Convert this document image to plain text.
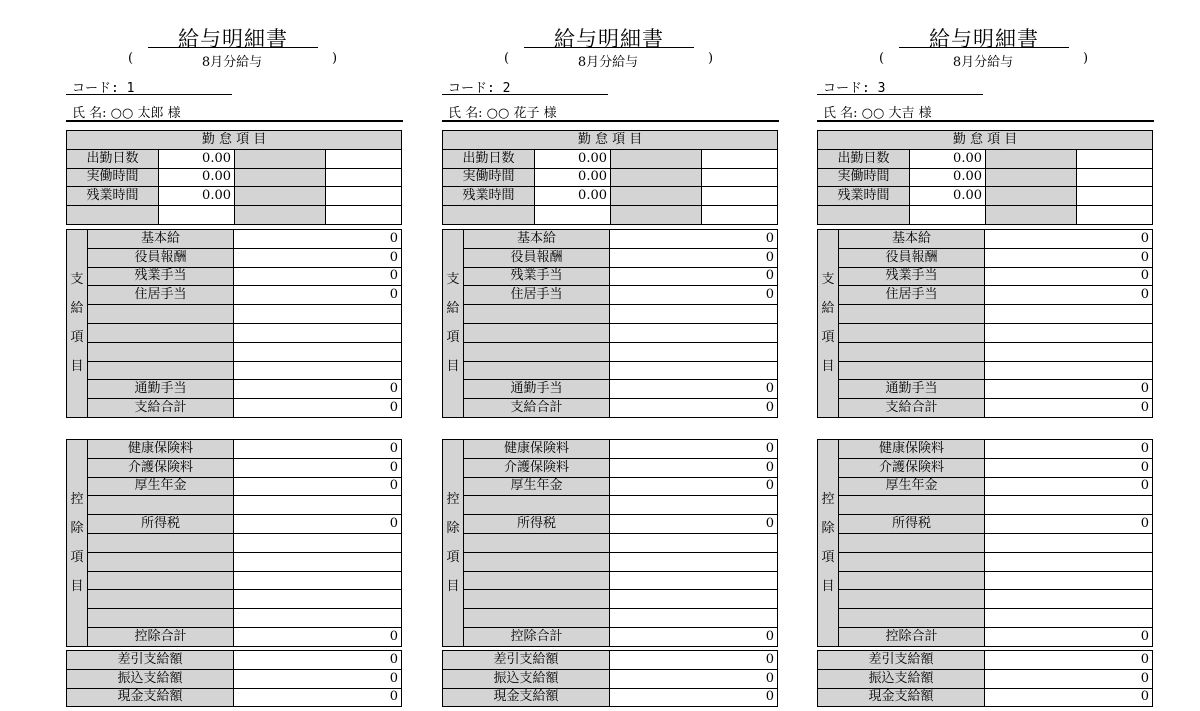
給与明細書
(	8月分給与	)
コード: 1
氏 名: ○○ 太郎 様
勤 怠 項 目			
出勤日数	0.00		
実働時間	0.00		
残業時間	0.00		

支
給
項
目	基本給	0
	役員報酬	0
	残業手当	0
	住居手当	0

	通勤手当	0
	支給合計	0
控
除
項
目	健康保険料	0
	介護保険料	0
	厚生年金	0

	所得税	0

	控除合計	0
差引支給額	0
振込支給額	0
現金支給額	0
給与明細書
(	8月分給与	)
コード: 2
氏 名: ○○ 花子 様
勤 怠 項 目			
出勤日数	0.00		
実働時間	0.00		
残業時間	0.00		

支
給
項
目	基本給	0
	役員報酬	0
	残業手当	0
	住居手当	0

	通勤手当	0
	支給合計	0
控
除
項
目	健康保険料	0
	介護保険料	0
	厚生年金	0

	所得税	0

	控除合計	0
差引支給額	0
振込支給額	0
現金支給額	0
給与明細書
(	8月分給与	)
コード: 3
氏 名: ○○ 大吉 様
勤 怠 項 目			
出勤日数	0.00		
実働時間	0.00		
残業時間	0.00		

支
給
項
目	基本給	0
	役員報酬	0
	残業手当	0
	住居手当	0

	通勤手当	0
	支給合計	0
控
除
項
目	健康保険料	0
	介護保険料	0
	厚生年金	0

	所得税	0

	控除合計	0
差引支給額	0
振込支給額	0
現金支給額	0
